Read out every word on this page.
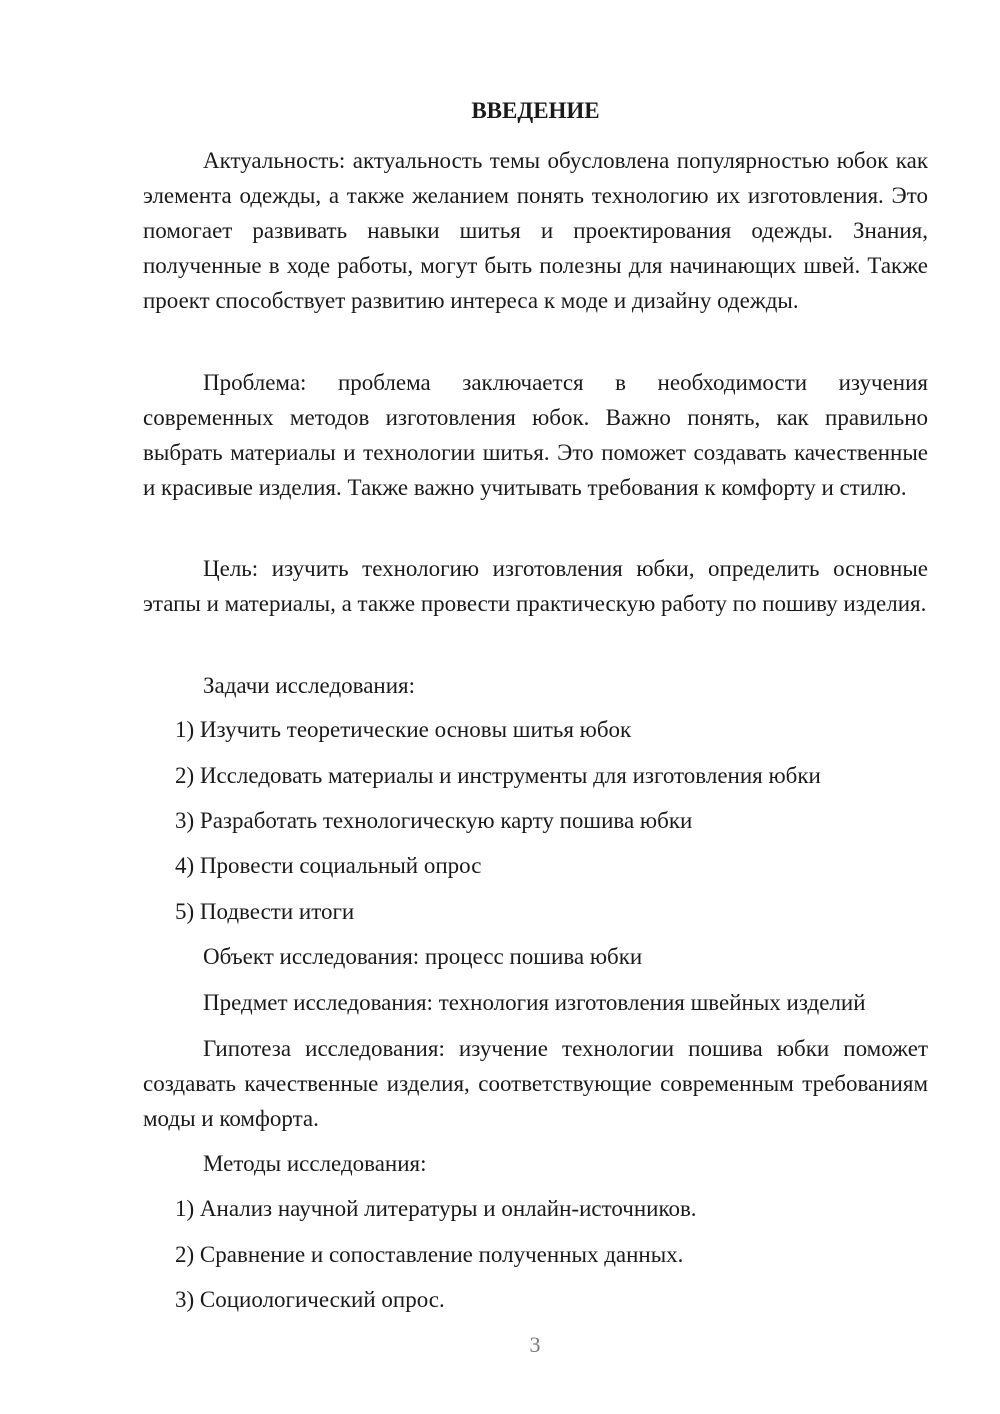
ВВЕДЕНИЕ

Актуальность: актуальность темы обусловлена популярностью юбок как элемента одежды, а также желанием понять технологию их изготовления. Это помогает развивать навыки шитья и проектирования одежды. Знания, полученные в ходе работы, могут быть полезны для начинающих швей. Также проект способствует развитию интереса к моде и дизайну одежды.

Проблема: проблема заключается в необходимости изучения современных методов изготовления юбок. Важно понять, как правильно выбрать материалы и технологии шитья. Это поможет создавать качественные и красивые изделия. Также важно учитывать требования к комфорту и стилю.

Цель: изучить технологию изготовления юбки, определить основные этапы и материалы, а также провести практическую работу по пошиву изделия.

Задачи исследования:

1) Изучить теоретические основы шитья юбок

2) Исследовать материалы и инструменты для изготовления юбки

3) Разработать технологическую карту пошива юбки

4) Провести социальный опрос

5) Подвести итоги

Объект исследования: процесс пошива юбки

Предмет исследования: технология изготовления швейных изделий

Гипотеза исследования: изучение технологии пошива юбки поможет создавать качественные изделия, соответствующие современным требованиям моды и комфорта.

Методы исследования:

1) Анализ научной литературы и онлайн-источников.

2) Сравнение и сопоставление полученных данных.

3) Социологический опрос.

3
